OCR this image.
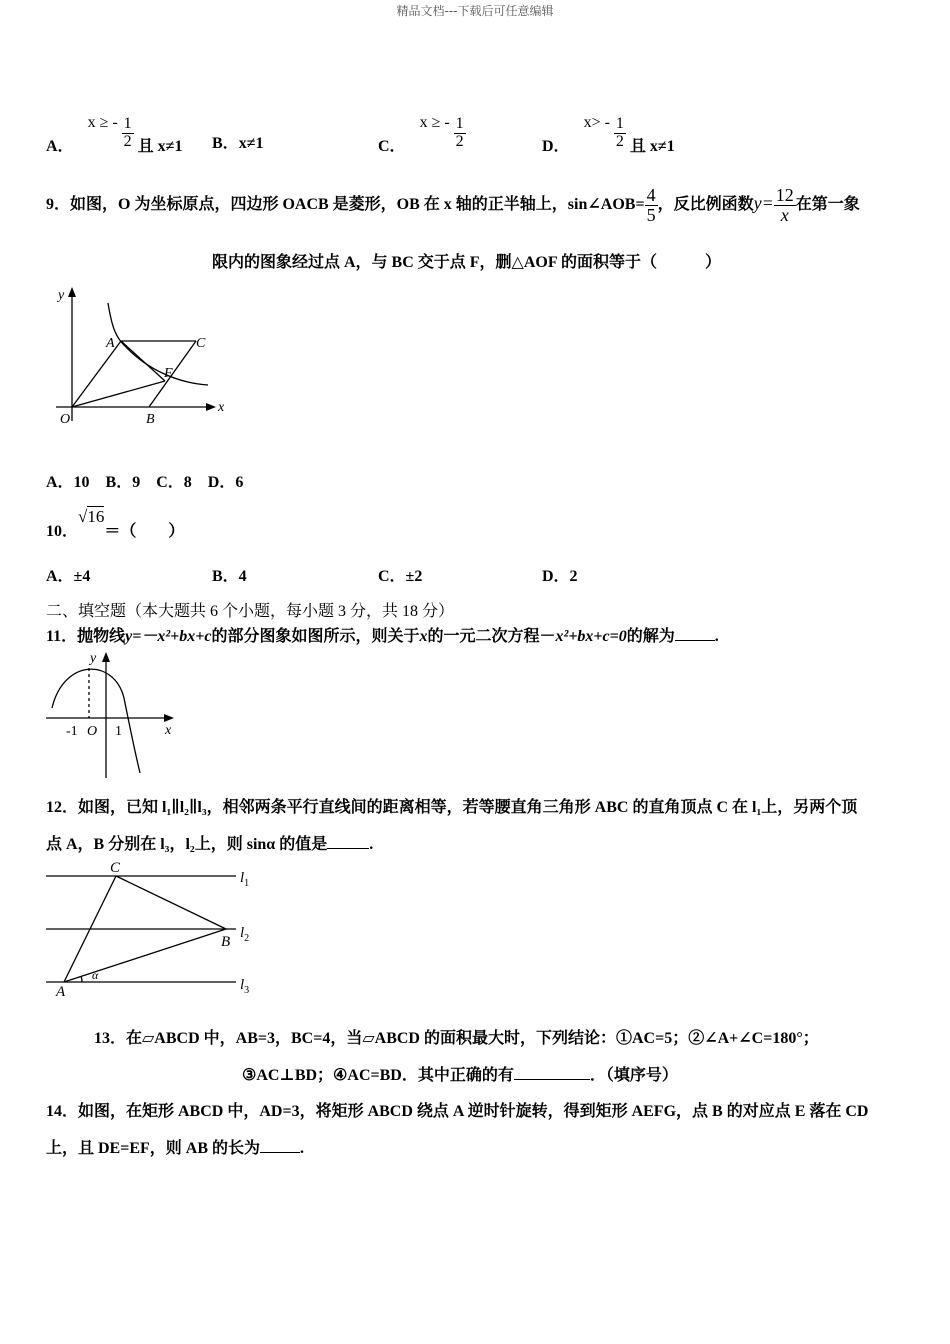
精品文档---下载后可任意编辑
A． x ≥ - $\frac{1}{2}$ 且 x≠1 B．x≠1	C． x ≥ - $\frac{1}{2}$	D． $x> - \frac{1}{2}$ 且 x≠1
9．如图，O 为坐标原点，四边形 OACB 是菱形，OB 在 x 轴的正半轴上，sin∠AOB= $\frac{4}{5}$ ，反比例函数$y= \frac{12}{x}$ 在第一象
限内的图象经过点 A，与 BC 交于点 F，删△AOF 的面积等于（　　　）
y
x
O
A
B
C
F
A．10　B．9　C．8　D．6
10．√16＝（　　）
A．±4	B．4	C．±2	D．2
二、填空题（本大题共 6 个小题，每小题 3 分，共 18 分）
11．抛物线y=－x²+bx+c的部分图象如图所示，则关于x的一元二次方程－x²+bx+c=0的解为	.
y
x
-1 O 1
12．如图，已知 l₁∥l₂∥l₃，相邻两条平行直线间的距离相等，若等腰直角三角形 ABC 的直角顶点 C 在 l₁上，另两个顶
点 A，B 分别在 l₃，l₂上，则 sinα 的值是	.
C
B
A
α
$l_1$
$l_2$
$l_3$
13．在▱ABCD 中，AB=3，BC=4，当▱ABCD 的面积最大时，下列结论：①AC=5；②∠A+∠C=180°；
③AC⊥BD；④AC=BD．其中正确的有	．（填序号）
14．如图，在矩形 ABCD 中，AD=3，将矩形 ABCD 绕点 A 逆时针旋转，得到矩形 AEFG，点 B 的对应点 E 落在 CD
上，且 DE=EF，则 AB 的长为	.
